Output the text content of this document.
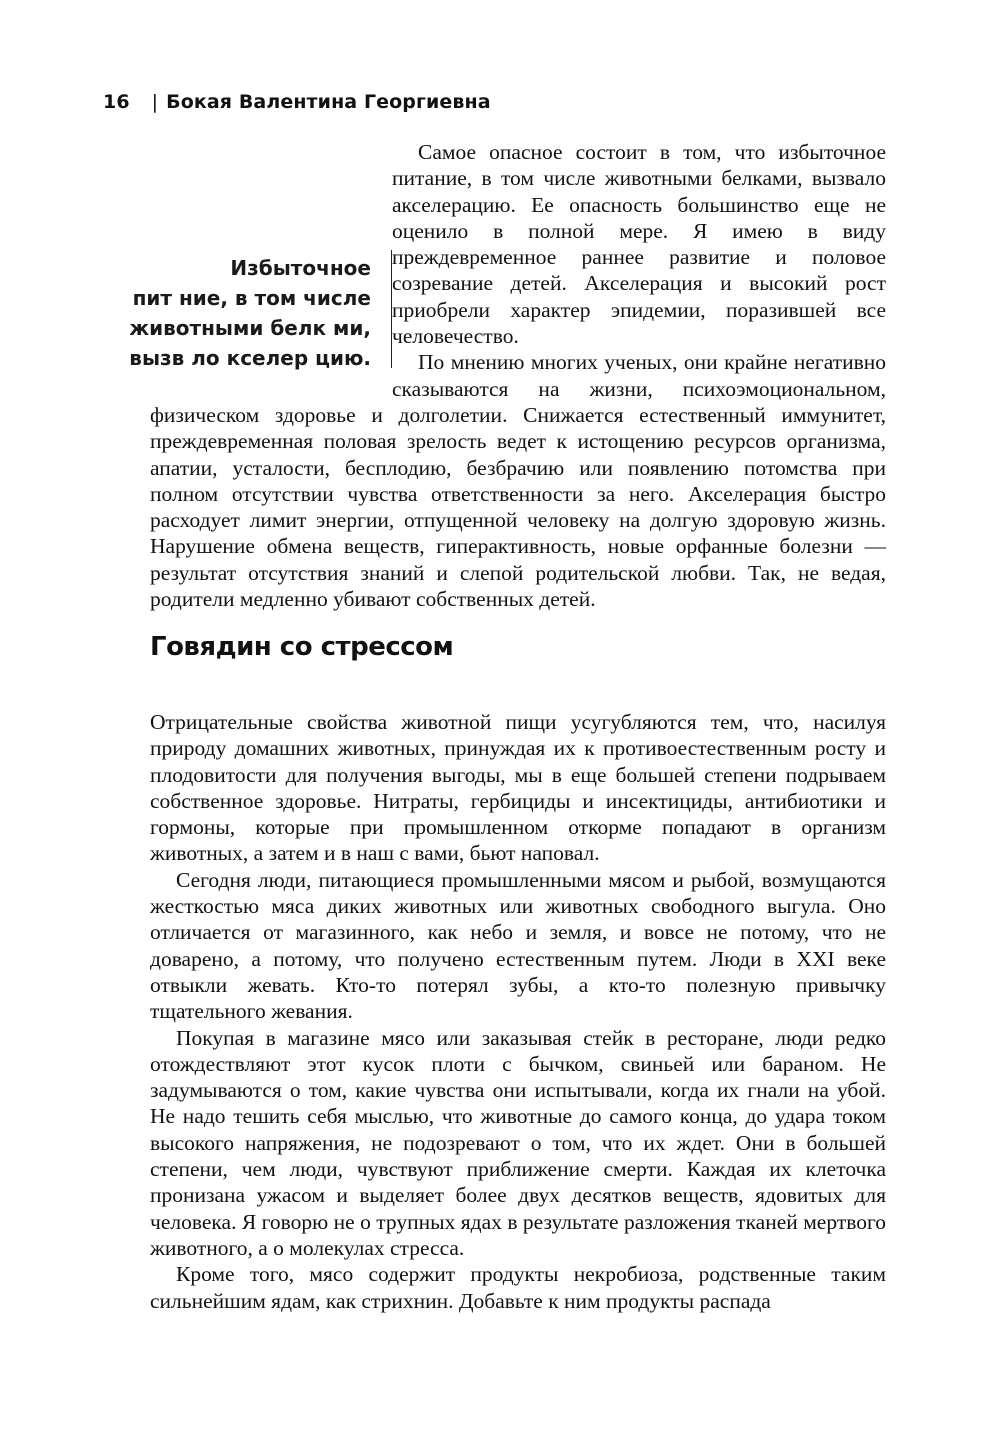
16 | Бокая Валентина Георгиевна
Избыточное
пит ние, в том числе
животными белк ми,
вызв ло ксeлер цию.

Самое опасное состоит в том, что избыточное питание, в том числе животными белками, вызвало акселерацию. Ее опасность большинство еще не оценило в полной мере. Я имею в виду преждевременное раннее развитие и половое созревание детей. Акселерация и высокий рост приобрели характер эпидемии, поразившей все человечество.

По мнению многих ученых, они крайне негативно сказываются на жизни, психоэмоциональном, физическом здоровье и долголетии. Снижается естественный иммунитет, преждевременная половая зрелость ведет к истощению ресурсов организма, апатии, усталости, бесплодию, безбрачию или появлению потомства при полном отсутствии чувства ответственности за него. Акселерация быстро расходует лимит энергии, отпущенной человеку на долгую здоровую жизнь. Нарушение обмена веществ, гиперактивность, новые орфанные болезни — результат отсутствия знаний и слепой родительской любви. Так, не ведая, родители медленно убивают собственных детей.

Говядин со стрессом

Отрицательные свойства животной пищи усугубляются тем, что, насилуя природу домашних животных, принуждая их к противоестественным росту и плодовитости для получения выгоды, мы в еще большей степени подрываем собственное здоровье. Нитраты, гербициды и инсектициды, антибиотики и гормоны, которые при промышленном откорме попадают в организм животных, а затем и в наш с вами, бьют наповал.

Сегодня люди, питающиеся промышленными мясом и рыбой, возмущаются жесткостью мяса диких животных или животных свободного выгула. Оно отличается от магазинного, как небо и земля, и вовсе не потому, что не доварено, а потому, что получено естественным путем. Люди в XXI веке отвыкли жевать. Кто-то потерял зубы, а кто-то полезную привычку тщательного жевания.

Покупая в магазине мясо или заказывая стейк в ресторане, люди редко отождествляют этот кусок плоти с бычком, свиньей или бараном. Не задумываются о том, какие чувства они испытывали, когда их гнали на убой. Не надо тешить себя мыслью, что животные до самого конца, до удара током высокого напряжения, не подозревают о том, что их ждет. Они в большей степени, чем люди, чувствуют приближение смерти. Каждая их клеточка пронизана ужасом и выделяет более двух десятков веществ, ядовитых для человека. Я говорю не о трупных ядах в результате разложения тканей мертвого животного, а о молекулах стресса.

Кроме того, мясо содержит продукты некробиоза, родственные таким сильнейшим ядам, как стрихнин. Добавьте к ним продукты распада
